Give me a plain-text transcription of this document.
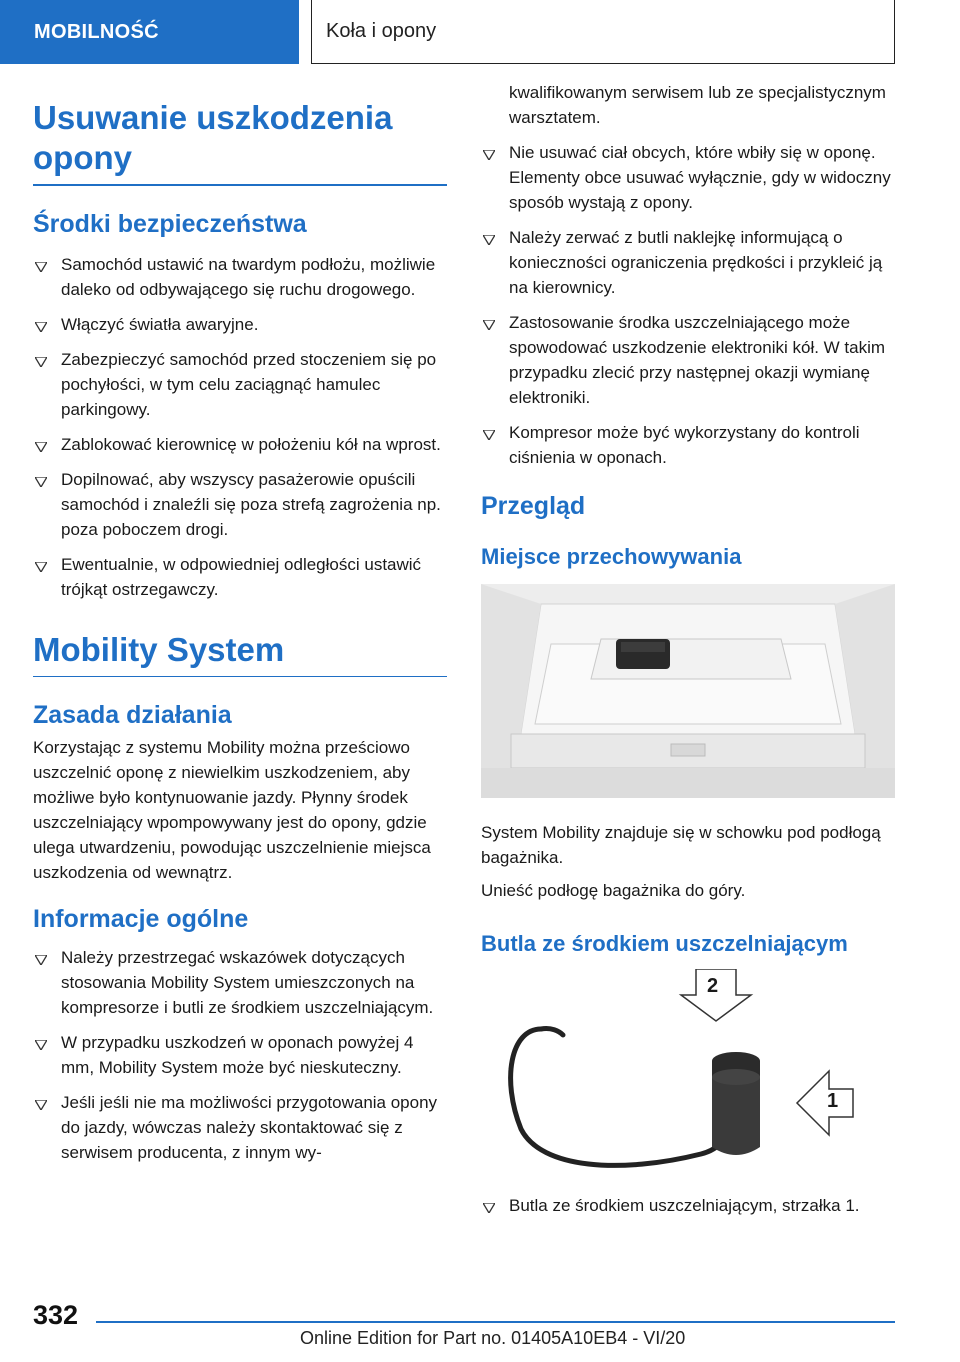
MOBILNOŚĆ	Koła i opony
Usuwanie uszkodzenia opony
Środki bezpieczeństwa
Samochód ustawić na twardym podłożu, możliwie daleko od odbywającego się ruchu drogowego.
Włączyć światła awaryjne.
Zabezpieczyć samochód przed stoczeniem się po pochyłości, w tym celu zaciągnąć hamulec parkingowy.
Zablokować kierownicę w położeniu kół na wprost.
Dopilnować, aby wszyscy pasażerowie opuścili samochód i znaleźli się poza strefą zagrożenia np. poza poboczem drogi.
Ewentualnie, w odpowiedniej odległości ustawić trójkąt ostrzegawczy.
Mobility System
Zasada działania

Korzystając z systemu Mobility można prześciowo uszczelnić oponę z niewielkim uszkodzeniem, aby możliwe było kontynuowanie jazdy. Płynny środek uszczelniający wpompowywany jest do opony, gdzie ulega utwardzeniu, powodując uszczelnienie miejsca uszkodzenia od wewnątrz.

Informacje ogólne
Należy przestrzegać wskazówek dotyczących stosowania Mobility System umieszczonych na kompresorze i butli ze środkiem uszczelniającym.
W przypadku uszkodzeń w oponach powyżej 4 mm, Mobility System może być nieskuteczny.
Jeśli jeśli nie ma możliwości przygotowania opony do jazdy, wówczas należy skontaktować się z serwisem producenta, z innym wy-

kwalifikowanym serwisem lub ze specjalistycznym warsztatem.

Nie usuwać ciał obcych, które wbiły się w oponę. Elementy obce usuwać wyłącznie, gdy w widoczny sposób wystają z opony.
Należy zerwać z butli naklejkę informującą o konieczności ograniczenia prędkości i przykleić ją na kierownicy.
Zastosowanie środka uszczelniającego może spowodować uszkodzenie elektroniki kół. W takim przypadku zlecić przy następnej okazji wymianę elektroniki.
Kompresor może być wykorzystany do kontroli ciśnienia w oponach.
Przegląd
Miejsce przechowywania

System Mobility znajduje się w schowku pod podłogą bagażnika.

Unieść podłogę bagażnika do góry.

Butla ze środkiem uszczelniającym
2
1
Butla ze środkiem uszczelniającym, strzałka 1.
332
Online Edition for Part no. 01405A10EB4 - VI/20
